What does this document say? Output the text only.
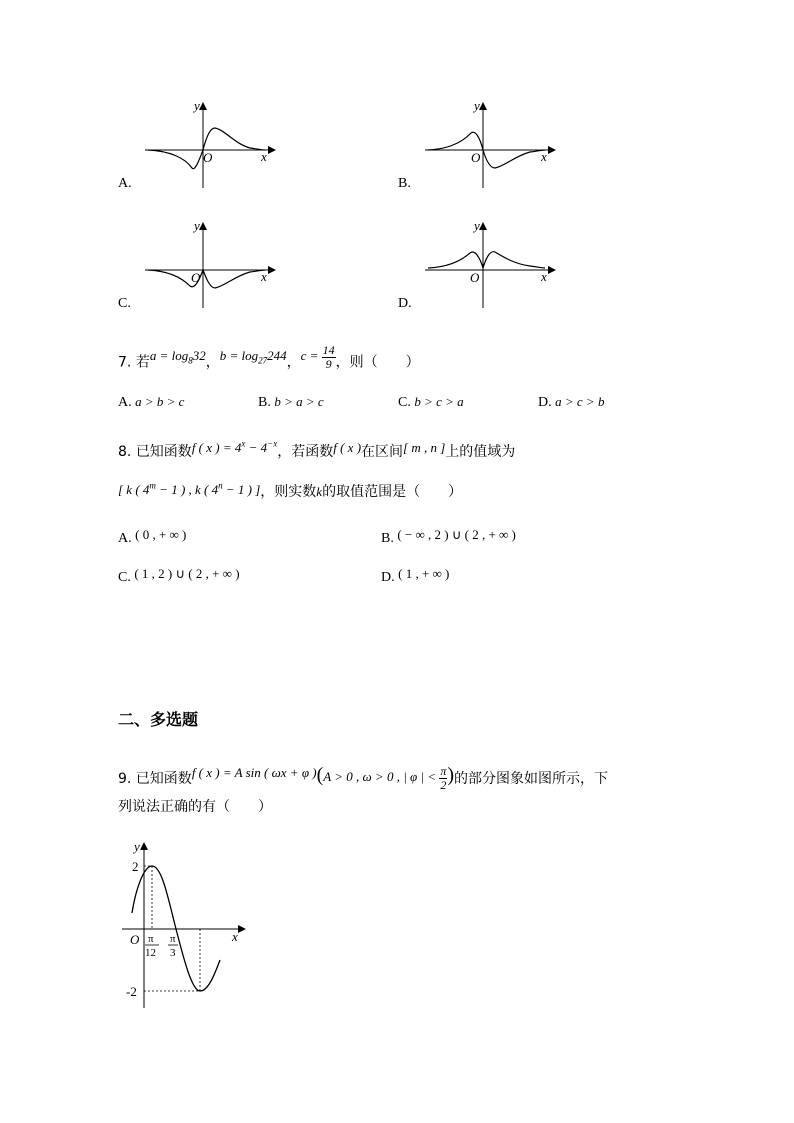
A.
y
x
O
B.
y
x
O
C.
y
x
O
D.
y
x
O
7. 若$a = \log_832$，$b = \log_{27}244$，$c = \frac{14}{9}$ ，则（　　）
A. a > b > c	B. b > a > c	C. b > c > a	D. a > c > b
8. 已知函数f ( x ) = $4^x - 4^{-x}$，若函数f ( x )在区间[ m , n ]上的值域为
[ k ( $4^m - 1$ ) , k ( $4^n - 1$ ) ]，则实数k的取值范围是（　　）
A. ( 0 , + ∞ )	B. ( − ∞ , 2 ) ∪ ( 2 , + ∞ )
C. ( 1 , 2 ) ∪ ( 2 , + ∞ )	D. ( 1 , + ∞ )
二、多选题
9. 已知函数f ( x ) = A sin ( ωx + φ )(A > 0 , ω > 0 , | φ | < $\frac{\pi}{2}$ )的部分图象如图所示，下
列说法正确的有（　　）
y
x
O
2
-2
π
12
π
3
